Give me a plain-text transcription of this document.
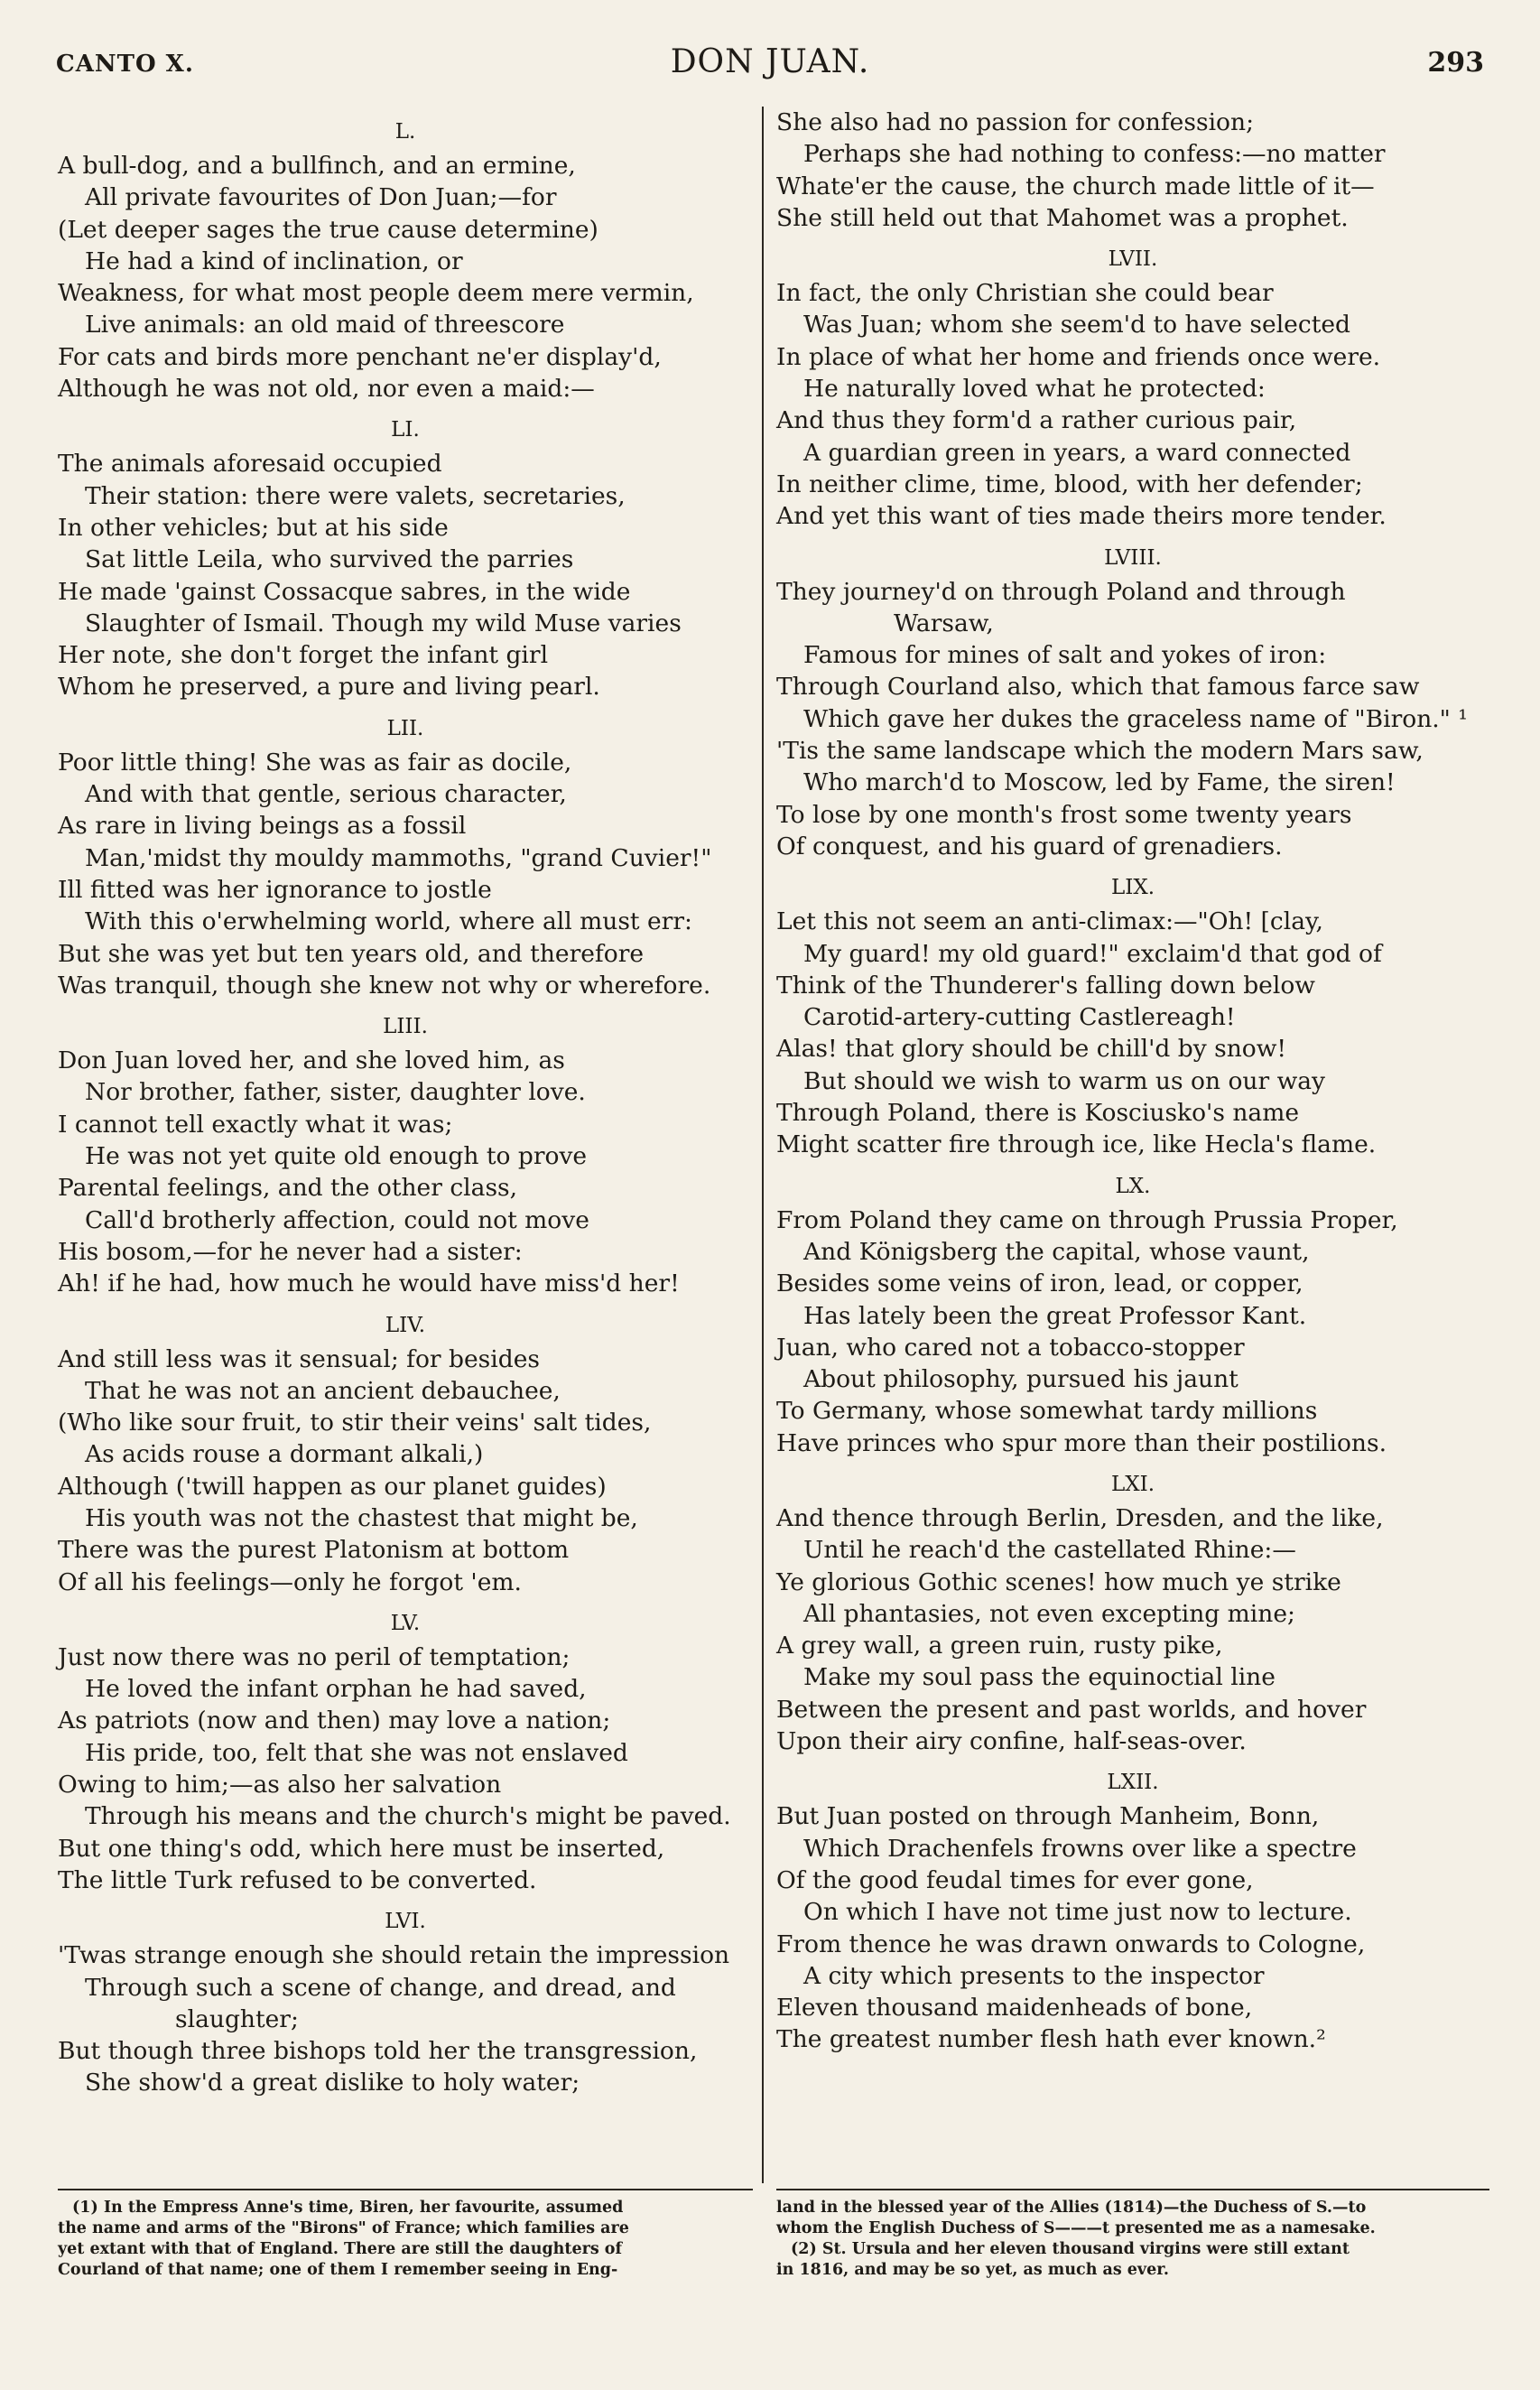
CANTO X.	DON JUAN.	293
L.
A bull-dog, and a bullfinch, and an ermine,
All private favourites of Don Juan;—for
(Let deeper sages the true cause determine)
He had a kind of inclination, or
Weakness, for what most people deem mere vermin,
Live animals: an old maid of threescore
For cats and birds more penchant ne'er display'd,
Although he was not old, nor even a maid:—
LI.
The animals aforesaid occupied
Their station: there were valets, secretaries,
In other vehicles; but at his side
Sat little Leila, who survived the parries
He made 'gainst Cossacque sabres, in the wide
Slaughter of Ismail. Though my wild Muse varies
Her note, she don't forget the infant girl
Whom he preserved, a pure and living pearl.
LII.
Poor little thing! She was as fair as docile,
And with that gentle, serious character,
As rare in living beings as a fossil
Man,'midst thy mouldy mammoths, "grand Cuvier!"
Ill fitted was her ignorance to jostle
With this o'erwhelming world, where all must err:
But she was yet but ten years old, and therefore
Was tranquil, though she knew not why or wherefore.
LIII.
Don Juan loved her, and she loved him, as
Nor brother, father, sister, daughter love.
I cannot tell exactly what it was;
He was not yet quite old enough to prove
Parental feelings, and the other class,
Call'd brotherly affection, could not move
His bosom,—for he never had a sister:
Ah! if he had, how much he would have miss'd her!
LIV.
And still less was it sensual; for besides
That he was not an ancient debauchee,
(Who like sour fruit, to stir their veins' salt tides,
As acids rouse a dormant alkali,)
Although ('twill happen as our planet guides)
His youth was not the chastest that might be,
There was the purest Platonism at bottom
Of all his feelings—only he forgot 'em.
LV.
Just now there was no peril of temptation;
He loved the infant orphan he had saved,
As patriots (now and then) may love a nation;
His pride, too, felt that she was not enslaved
Owing to him;—as also her salvation
Through his means and the church's might be paved.
But one thing's odd, which here must be inserted,
The little Turk refused to be converted.
LVI.
'Twas strange enough she should retain the impression
Through such a scene of change, and dread, and
slaughter;
But though three bishops told her the transgression,
She show'd a great dislike to holy water;
She also had no passion for confession;
Perhaps she had nothing to confess:—no matter
Whate'er the cause, the church made little of it—
She still held out that Mahomet was a prophet.
LVII.
In fact, the only Christian she could bear
Was Juan; whom she seem'd to have selected
In place of what her home and friends once were.
He naturally loved what he protected:
And thus they form'd a rather curious pair,
A guardian green in years, a ward connected
In neither clime, time, blood, with her defender;
And yet this want of ties made theirs more tender.
LVIII.
They journey'd on through Poland and through
Warsaw,
Famous for mines of salt and yokes of iron:
Through Courland also, which that famous farce saw
Which gave her dukes the graceless name of "Biron." ¹
'Tis the same landscape which the modern Mars saw,
Who march'd to Moscow, led by Fame, the siren!
To lose by one month's frost some twenty years
Of conquest, and his guard of grenadiers.
LIX.
Let this not seem an anti-climax:—"Oh! [clay,
My guard! my old guard!" exclaim'd that god of
Think of the Thunderer's falling down below
Carotid-artery-cutting Castlereagh!
Alas! that glory should be chill'd by snow!
But should we wish to warm us on our way
Through Poland, there is Kosciusko's name
Might scatter fire through ice, like Hecla's flame.
LX.
From Poland they came on through Prussia Proper,
And Königsberg the capital, whose vaunt,
Besides some veins of iron, lead, or copper,
Has lately been the great Professor Kant.
Juan, who cared not a tobacco-stopper
About philosophy, pursued his jaunt
To Germany, whose somewhat tardy millions
Have princes who spur more than their postilions.
LXI.
And thence through Berlin, Dresden, and the like,
Until he reach'd the castellated Rhine:—
Ye glorious Gothic scenes! how much ye strike
All phantasies, not even excepting mine;
A grey wall, a green ruin, rusty pike,
Make my soul pass the equinoctial line
Between the present and past worlds, and hover
Upon their airy confine, half-seas-over.
LXII.
But Juan posted on through Manheim, Bonn,
Which Drachenfels frowns over like a spectre
Of the good feudal times for ever gone,
On which I have not time just now to lecture.
From thence he was drawn onwards to Cologne,
A city which presents to the inspector
Eleven thousand maidenheads of bone,
The greatest number flesh hath ever known.²
(1) In the Empress Anne's time, Biren, her favourite, assumed
the name and arms of the "Birons" of France; which families are
yet extant with that of England. There are still the daughters of
Courland of that name; one of them I remember seeing in Eng-
land in the blessed year of the Allies (1814)—the Duchess of S.—to
whom the English Duchess of S———t presented me as a namesake.
(2) St. Ursula and her eleven thousand virgins were still extant
in 1816, and may be so yet, as much as ever.
